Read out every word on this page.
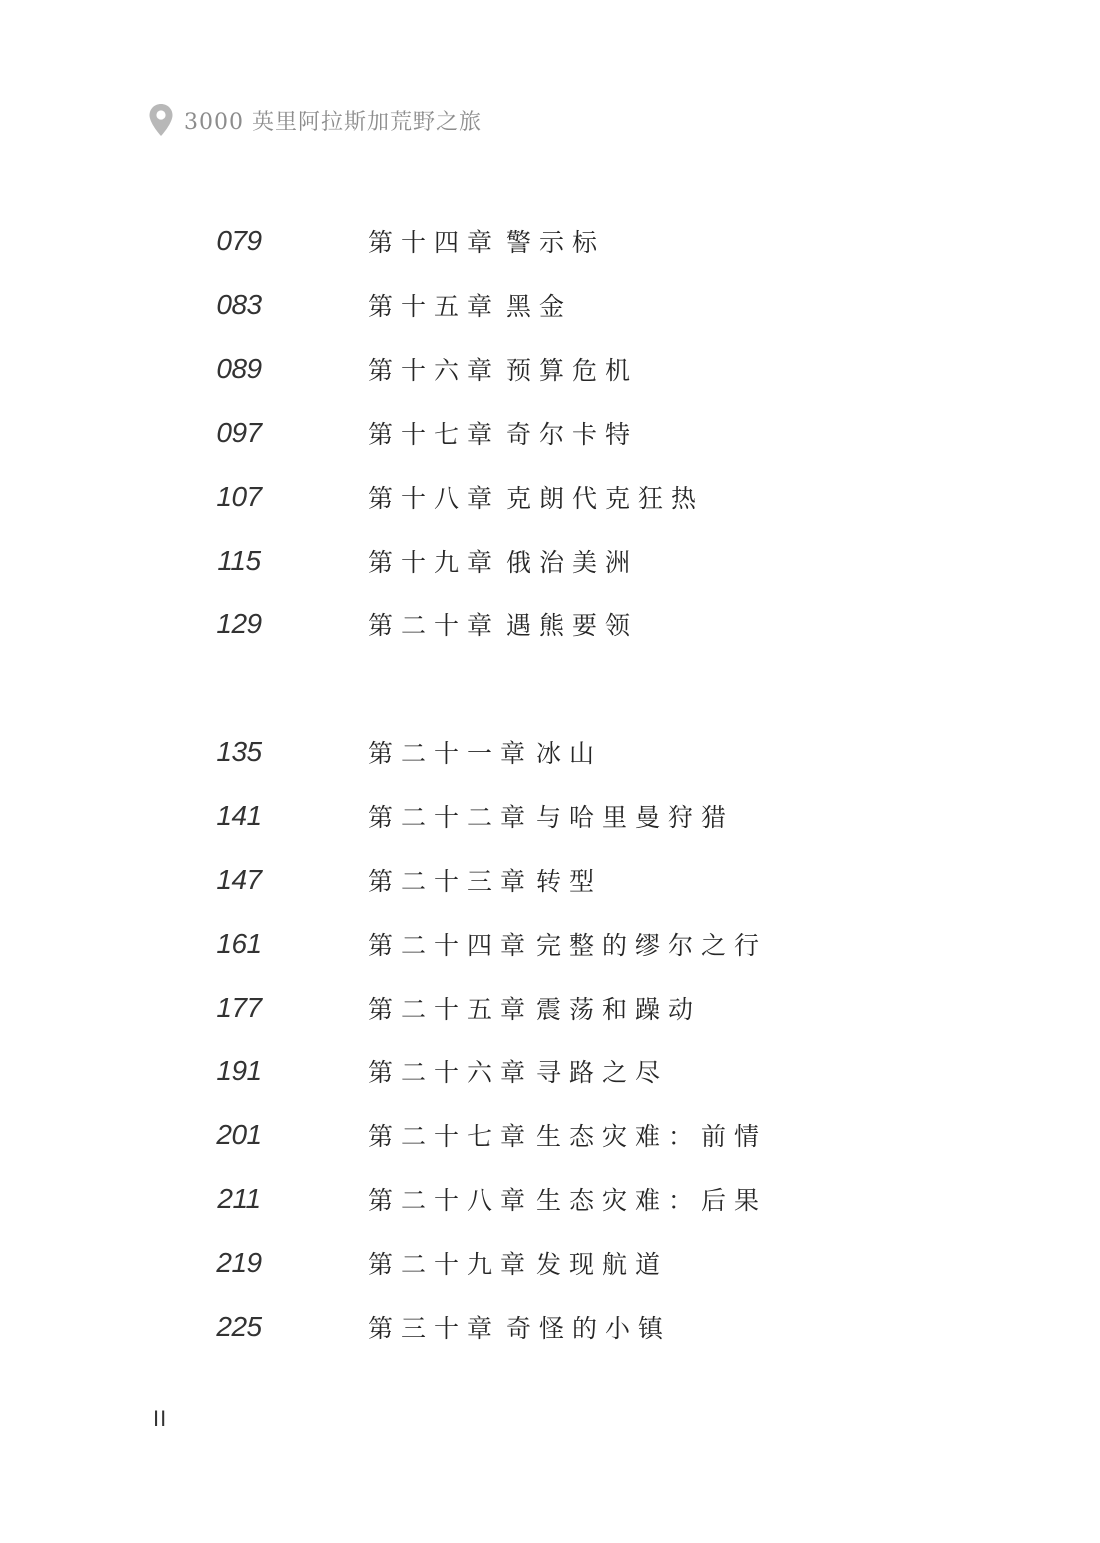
3000 英里阿拉斯加荒野之旅
079	第十四章 警示标
083	第十五章 黑金
089	第十六章 预算危机
097	第十七章 奇尔卡特
107	第十八章 克朗代克狂热
115	第十九章 俄治美洲
129	第二十章 遇熊要领
135	第二十一章 冰山
141	第二十二章 与哈里曼狩猎
147	第二十三章 转型
161	第二十四章 完整的缪尔之行
177	第二十五章 震荡和躁动
191	第二十六章 寻路之尽
201	第二十七章 生态灾难：前情
211	第二十八章 生态灾难：后果
219	第二十九章 发现航道
225	第三十章 奇怪的小镇
II
